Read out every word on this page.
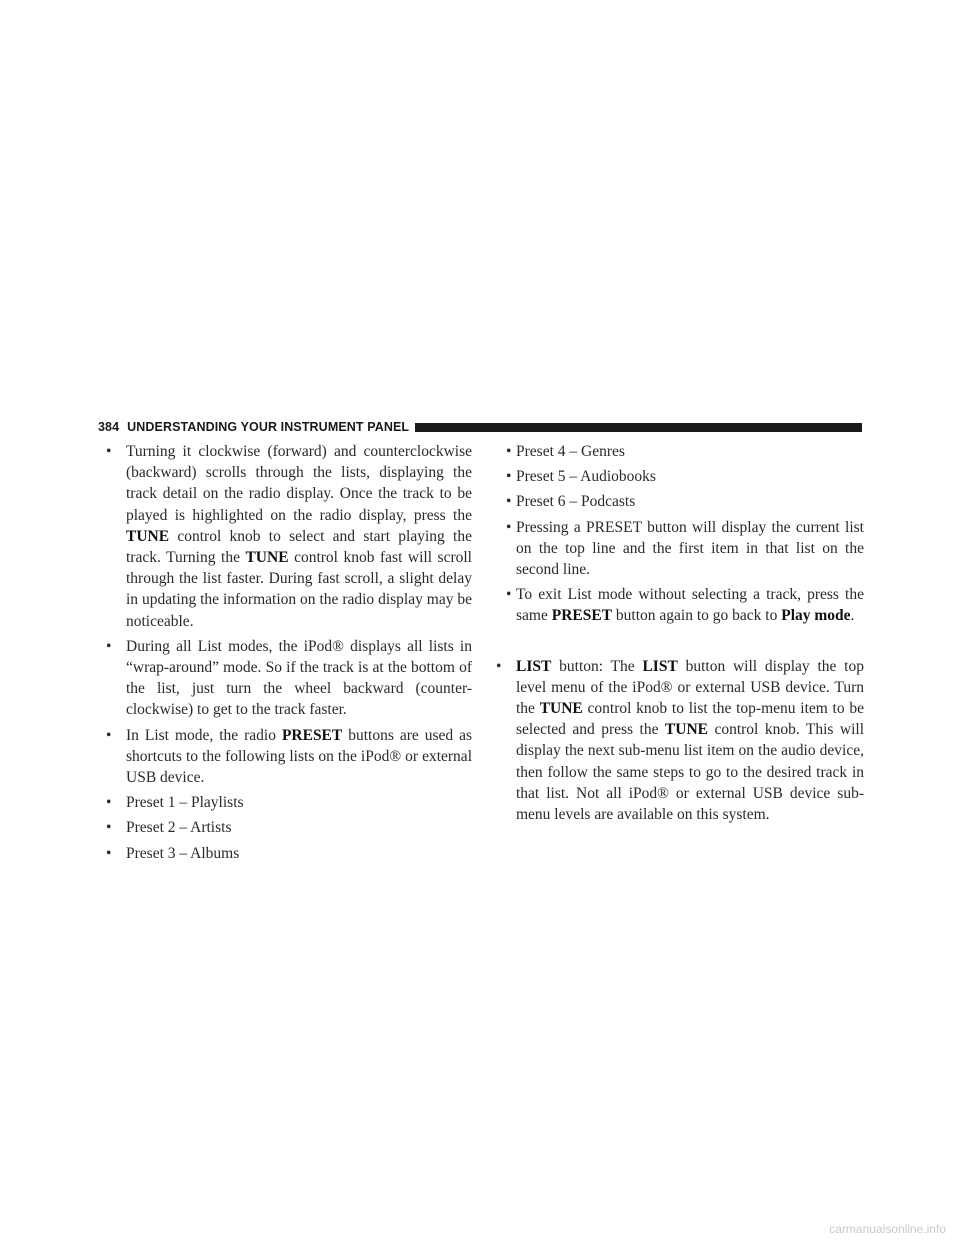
384 UNDERSTANDING YOUR INSTRUMENT PANEL

• Turning it clockwise (forward) and counterclockwise (backward) scrolls through the lists, displaying the track detail on the radio display. Once the track to be played is highlighted on the radio display, press the TUNE control knob to select and start playing the track. Turning the TUNE control knob fast will scroll through the list faster. During fast scroll, a slight delay in updating the information on the radio display may be noticeable.

• During all List modes, the iPod® displays all lists in “wrap-around” mode. So if the track is at the bottom of the list, just turn the wheel backward (counter-clockwise) to get to the track faster.

• In List mode, the radio PRESET buttons are used as shortcuts to the following lists on the iPod® or external USB device.

• Preset 1 – Playlists

• Preset 2 – Artists

• Preset 3 – Albums

• Preset 4 – Genres

• Preset 5 – Audiobooks

• Preset 6 – Podcasts

• Pressing a PRESET button will display the current list on the top line and the first item in that list on the second line.

• To exit List mode without selecting a track, press the same PRESET button again to go back to Play mode.

• LIST button: The LIST button will display the top level menu of the iPod® or external USB device. Turn the TUNE control knob to list the top-menu item to be selected and press the TUNE control knob. This will display the next sub-menu list item on the audio device, then follow the same steps to go to the desired track in that list. Not all iPod® or external USB device sub-menu levels are available on this system.

carmanualsonline.info
